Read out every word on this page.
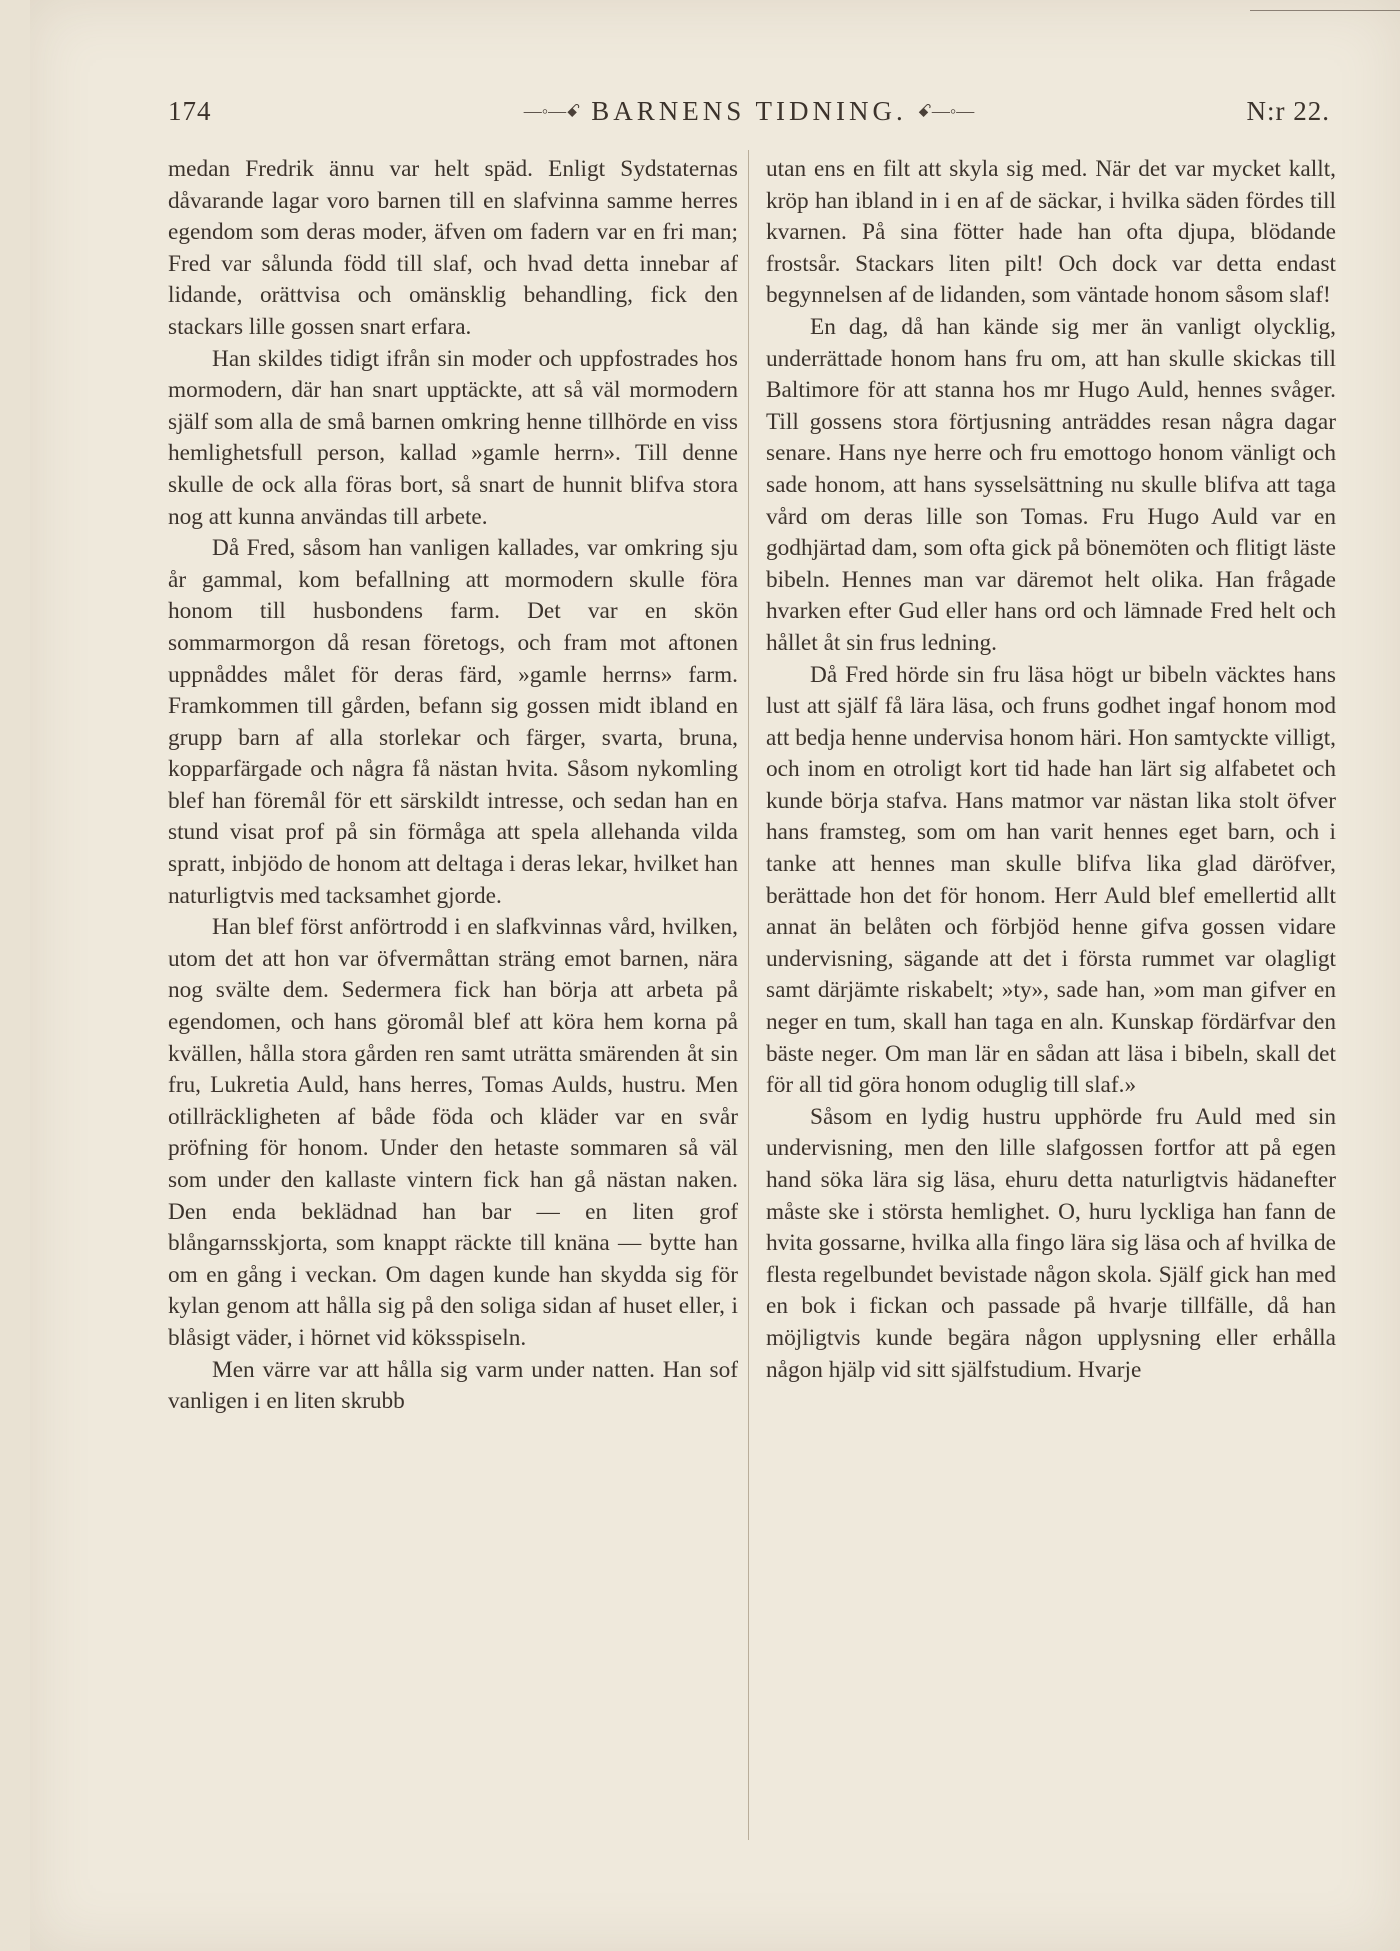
174	—◦—ꗃ BARNENS TIDNING. ꗃ—◦—	N:r 22.

medan Fredrik ännu var helt späd. Enligt Sydstaternas dåvarande lagar voro barnen till en slafvinna samme herres egendom som deras moder, äfven om fadern var en fri man; Fred var sålunda född till slaf, och hvad detta innebar af lidande, orättvisa och omänsklig behandling, fick den stackars lille gossen snart erfara.

Han skildes tidigt ifrån sin moder och uppfostrades hos mormodern, där han snart upptäckte, att så väl mormodern själf som alla de små barnen omkring henne tillhörde en viss hemlighetsfull person, kallad »gamle herrn». Till denne skulle de ock alla föras bort, så snart de hunnit blifva stora nog att kunna användas till arbete.

Då Fred, såsom han vanligen kallades, var omkring sju år gammal, kom befallning att mormodern skulle föra honom till husbondens farm. Det var en skön sommarmorgon då resan företogs, och fram mot aftonen uppnåddes målet för deras färd, »gamle herrns» farm. Framkommen till gården, befann sig gossen midt ibland en grupp barn af alla storlekar och färger, svarta, bruna, kopparfärgade och några få nästan hvita. Såsom nykomling blef han föremål för ett särskildt intresse, och sedan han en stund visat prof på sin förmåga att spela allehanda vilda spratt, inbjödo de honom att deltaga i deras lekar, hvilket han naturligtvis med tacksamhet gjorde.

Han blef först anförtrodd i en slafkvinnas vård, hvilken, utom det att hon var öfvermåttan sträng emot barnen, nära nog svälte dem. Sedermera fick han börja att arbeta på egendomen, och hans göromål blef att köra hem korna på kvällen, hålla stora gården ren samt uträtta smärenden åt sin fru, Lukretia Auld, hans herres, Tomas Aulds, hustru. Men otillräckligheten af både föda och kläder var en svår pröfning för honom. Under den hetaste sommaren så väl som under den kallaste vintern fick han gå nästan naken. Den enda beklädnad han bar — en liten grof blångarnsskjorta, som knappt räckte till knäna — bytte han om en gång i veckan. Om dagen kunde han skydda sig för kylan genom att hålla sig på den soliga sidan af huset eller, i blåsigt väder, i hörnet vid köksspiseln.

Men värre var att hålla sig varm under natten. Han sof vanligen i en liten skrubb

utan ens en filt att skyla sig med. När det var mycket kallt, kröp han ibland in i en af de säckar, i hvilka säden fördes till kvarnen. På sina fötter hade han ofta djupa, blödande frostsår. Stackars liten pilt! Och dock var detta endast begynnelsen af de lidanden, som väntade honom såsom slaf!

En dag, då han kände sig mer än vanligt olycklig, underrättade honom hans fru om, att han skulle skickas till Baltimore för att stanna hos mr Hugo Auld, hennes svåger. Till gossens stora förtjusning anträddes resan några dagar senare. Hans nye herre och fru emottogo honom vänligt och sade honom, att hans sysselsättning nu skulle blifva att taga vård om deras lille son Tomas. Fru Hugo Auld var en godhjärtad dam, som ofta gick på bönemöten och flitigt läste bibeln. Hennes man var däremot helt olika. Han frågade hvarken efter Gud eller hans ord och lämnade Fred helt och hållet åt sin frus ledning.

Då Fred hörde sin fru läsa högt ur bibeln väcktes hans lust att själf få lära läsa, och fruns godhet ingaf honom mod att bedja henne undervisa honom häri. Hon samtyckte villigt, och inom en otroligt kort tid hade han lärt sig alfabetet och kunde börja stafva. Hans matmor var nästan lika stolt öfver hans framsteg, som om han varit hennes eget barn, och i tanke att hennes man skulle blifva lika glad däröfver, berättade hon det för honom. Herr Auld blef emellertid allt annat än belåten och förbjöd henne gifva gossen vidare undervisning, sägande att det i första rummet var olagligt samt därjämte riskabelt; »ty», sade han, »om man gifver en neger en tum, skall han taga en aln. Kunskap fördärfvar den bäste neger. Om man lär en sådan att läsa i bibeln, skall det för all tid göra honom oduglig till slaf.»

Såsom en lydig hustru upphörde fru Auld med sin undervisning, men den lille slafgossen fortfor att på egen hand söka lära sig läsa, ehuru detta naturligtvis hädanefter måste ske i största hemlighet. O, huru lyckliga han fann de hvita gossarne, hvilka alla fingo lära sig läsa och af hvilka de flesta regelbundet bevistade någon skola. Själf gick han med en bok i fickan och passade på hvarje tillfälle, då han möjligtvis kunde begära någon upplysning eller erhålla någon hjälp vid sitt själfstudium. Hvarje
